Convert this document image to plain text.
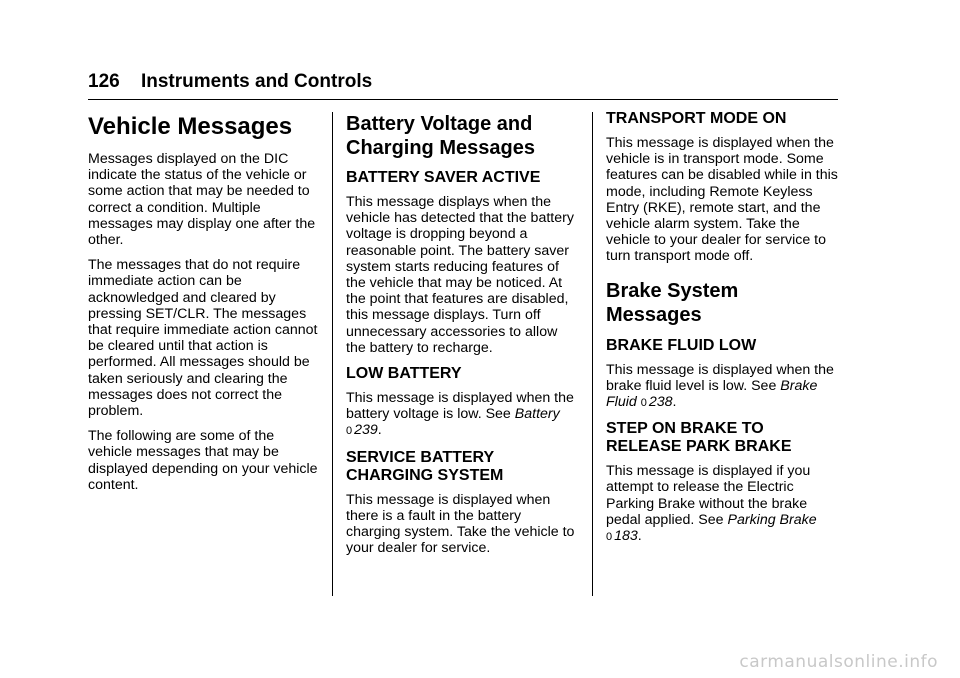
126 Instruments and Controls
Vehicle Messages

Messages displayed on the DIC indicate the status of the vehicle or some action that may be needed to correct a condition. Multiple messages may display one after the other.

The messages that do not require immediate action can be acknowledged and cleared by pressing SET/CLR. The messages that require immediate action cannot be cleared until that action is performed. All messages should be taken seriously and clearing the messages does not correct the problem.

The following are some of the vehicle messages that may be displayed depending on your vehicle content.

Battery Voltage and Charging Messages
BATTERY SAVER ACTIVE

This message displays when the vehicle has detected that the battery voltage is dropping beyond a reasonable point. The battery saver system starts reducing features of the vehicle that may be noticed. At the point that features are disabled, this message displays. Turn off unnecessary accessories to allow the battery to recharge.

LOW BATTERY

This message is displayed when the battery voltage is low. See Battery 0 239.

SERVICE BATTERY CHARGING SYSTEM

This message is displayed when there is a fault in the battery charging system. Take the vehicle to your dealer for service.

TRANSPORT MODE ON

This message is displayed when the vehicle is in transport mode. Some features can be disabled while in this mode, including Remote Keyless Entry (RKE), remote start, and the vehicle alarm system. Take the vehicle to your dealer for service to turn transport mode off.

Brake System Messages
BRAKE FLUID LOW

This message is displayed when the brake fluid level is low. See Brake Fluid 0 238.

STEP ON BRAKE TO RELEASE PARK BRAKE

This message is displayed if you attempt to release the Electric Parking Brake without the brake pedal applied. See Parking Brake 0 183.

carmanualsonline.info
